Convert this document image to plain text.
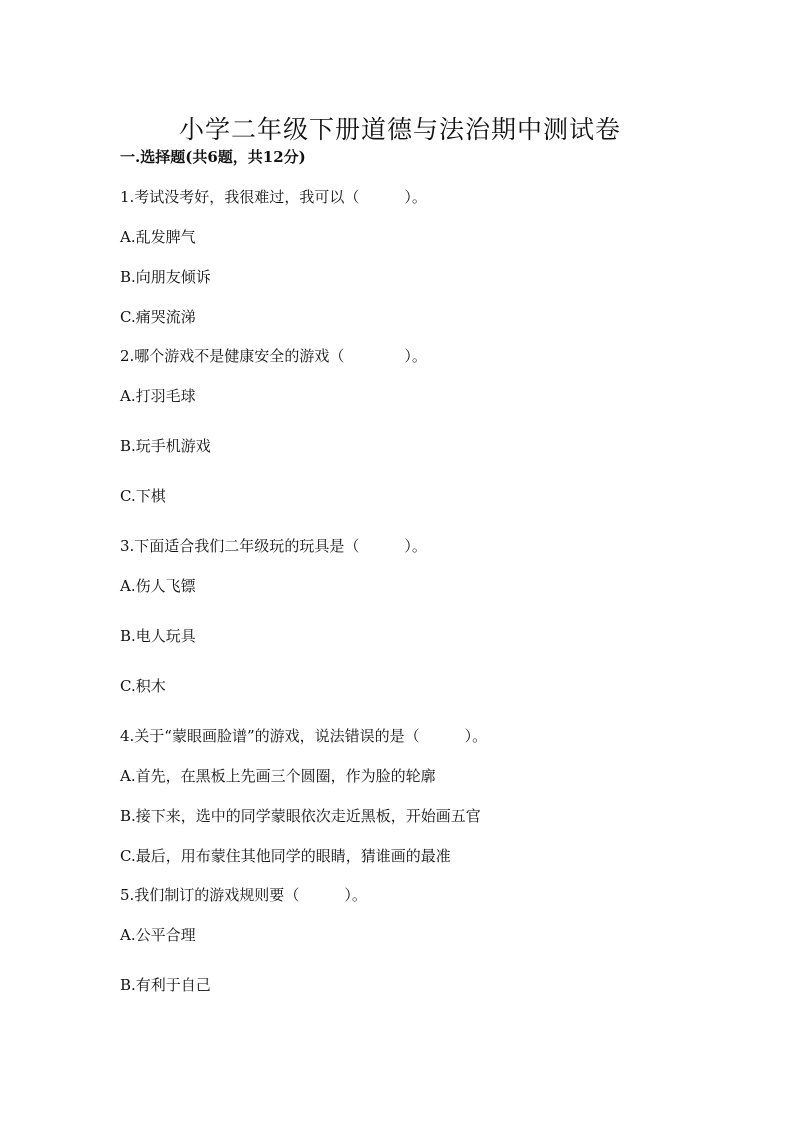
小学二年级下册道德与法治期中测试卷
一.选择题(共6题，共12分)
1.考试没考好，我很难过，我可以（　　　）。
A.乱发脾气
B.向朋友倾诉
C.痛哭流涕
2.哪个游戏不是健康安全的游戏（　　　　）。
A.打羽毛球
B.玩手机游戏
C.下棋
3.下面适合我们二年级玩的玩具是（　　　）。
A.伤人飞镖
B.电人玩具
C.积木
4.关于“蒙眼画脸谱”的游戏，说法错误的是（　　　）。
A.首先，在黑板上先画三个圆圈，作为脸的轮廓
B.接下来，选中的同学蒙眼依次走近黑板，开始画五官
C.最后，用布蒙住其他同学的眼睛，猜谁画的最准
5.我们制订的游戏规则要（　　　）。
A.公平合理
B.有利于自己
